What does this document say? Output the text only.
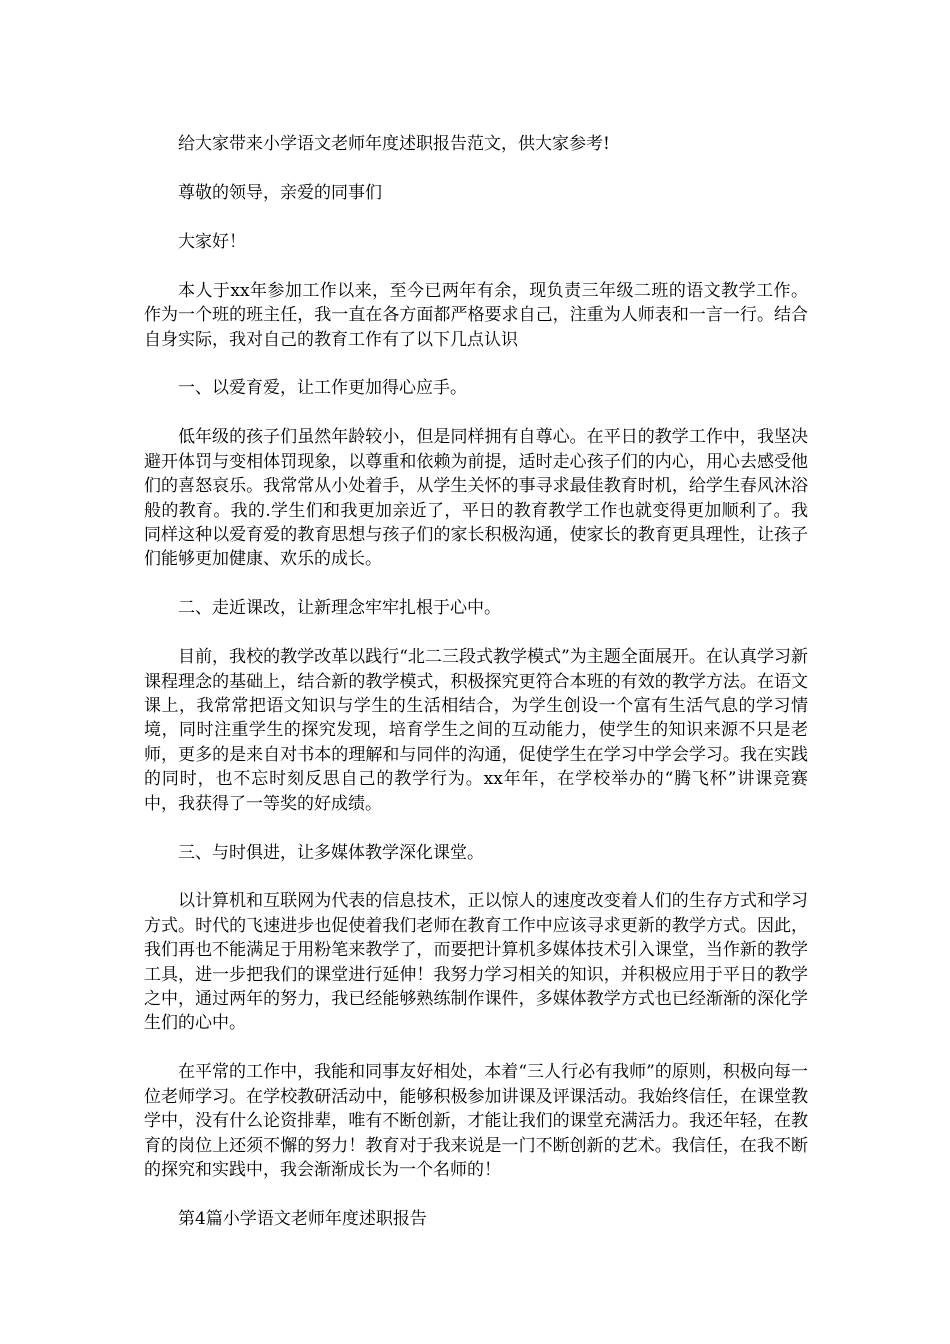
给大家带来小学语文老师年度述职报告范文，供大家参考!

尊敬的领导，亲爱的同事们

大家好！

本人于xx年参加工作以来，至今已两年有余，现负责三年级二班的语文教学工作。作为一个班的班主任，我一直在各方面都严格要求自己，注重为人师表和一言一行。结合自身实际，我对自己的教育工作有了以下几点认识

一、以爱育爱，让工作更加得心应手。

低年级的孩子们虽然年龄较小，但是同样拥有自尊心。在平日的教学工作中，我坚决避开体罚与变相体罚现象，以尊重和依赖为前提，适时走心孩子们的内心，用心去感受他们的喜怒哀乐。我常常从小处着手，从学生关怀的事寻求最佳教育时机，给学生春风沐浴般的教育。我的.学生们和我更加亲近了，平日的教育教学工作也就变得更加顺利了。我同样这种以爱育爱的教育思想与孩子们的家长积极沟通，使家长的教育更具理性，让孩子们能够更加健康、欢乐的成长。

二、走近课改，让新理念牢牢扎根于心中。

目前，我校的教学改革以践行“北二三段式教学模式”为主题全面展开。在认真学习新课程理念的基础上，结合新的教学模式，积极探究更符合本班的有效的教学方法。在语文课上，我常常把语文知识与学生的生活相结合，为学生创设一个富有生活气息的学习情境，同时注重学生的探究发现，培育学生之间的互动能力，使学生的知识来源不只是老师，更多的是来自对书本的理解和与同伴的沟通，促使学生在学习中学会学习。我在实践的同时，也不忘时刻反思自己的教学行为。xx年年，在学校举办的“腾飞杯”讲课竞赛中，我获得了一等奖的好成绩。

三、与时俱进，让多媒体教学深化课堂。

以计算机和互联网为代表的信息技术，正以惊人的速度改变着人们的生存方式和学习方式。时代的飞速进步也促使着我们老师在教育工作中应该寻求更新的教学方式。因此，我们再也不能满足于用粉笔来教学了，而要把计算机多媒体技术引入课堂，当作新的教学工具，进一步把我们的课堂进行延伸！我努力学习相关的知识，并积极应用于平日的教学之中，通过两年的努力，我已经能够熟练制作课件，多媒体教学方式也已经渐渐的深化学生们的心中。

在平常的工作中，我能和同事友好相处，本着“三人行必有我师”的原则，积极向每一位老师学习。在学校教研活动中，能够积极参加讲课及评课活动。我始终信任，在课堂教学中，没有什么论资排辈，唯有不断创新，才能让我们的课堂充满活力。我还年轻，在教育的岗位上还须不懈的努力！教育对于我来说是一门不断创新的艺术。我信任，在我不断的探究和实践中，我会渐渐成长为一个名师的！

第4篇小学语文老师年度述职报告
